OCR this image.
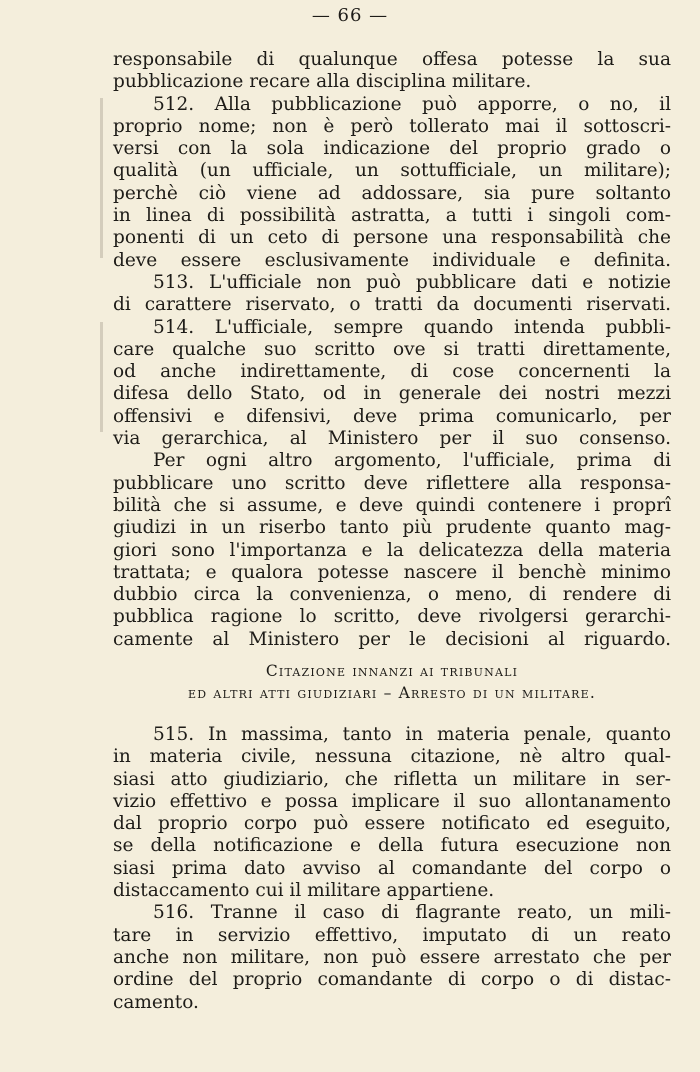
— 66 —
responsabile di qualunque offesa potesse la sua
pubblicazione recare alla disciplina militare.
512. Alla pubblicazione può apporre, o no, il
proprio nome; non è però tollerato mai il sottoscri-
versi con la sola indicazione del proprio grado o
qualità (un ufficiale, un sottufficiale, un militare);
perchè ciò viene ad addossare, sia pure soltanto
in linea di possibilità astratta, a tutti i singoli com-
ponenti di un ceto di persone una responsabilità che
deve essere esclusivamente individuale e definita.
513. L'ufficiale non può pubblicare dati e notizie
di carattere riservato, o tratti da documenti riservati.
514. L'ufficiale, sempre quando intenda pubbli-
care qualche suo scritto ove si tratti direttamente,
od anche indirettamente, di cose concernenti la
difesa dello Stato, od in generale dei nostri mezzi
offensivi e difensivi, deve prima comunicarlo, per
via gerarchica, al Ministero per il suo consenso.
Per ogni altro argomento, l'ufficiale, prima di
pubblicare uno scritto deve riflettere alla responsa-
bilità che si assume, e deve quindi contenere i proprî
giudizi in un riserbo tanto più prudente quanto mag-
giori sono l'importanza e la delicatezza della materia
trattata; e qualora potesse nascere il benchè minimo
dubbio circa la convenienza, o meno, di rendere di
pubblica ragione lo scritto, deve rivolgersi gerarchi-
camente al Ministero per le decisioni al riguardo.
Citazione innanzi ai tribunali
ed altri atti giudiziari – Arresto di un militare.
515. In massima, tanto in materia penale, quanto
in materia civile, nessuna citazione, nè altro qual-
siasi atto giudiziario, che rifletta un militare in ser-
vizio effettivo e possa implicare il suo allontanamento
dal proprio corpo può essere notificato ed eseguito,
se della notificazione e della futura esecuzione non
siasi prima dato avviso al comandante del corpo o
distaccamento cui il militare appartiene.
516. Tranne il caso di flagrante reato, un mili-
tare in servizio effettivo, imputato di un reato
anche non militare, non può essere arrestato che per
ordine del proprio comandante di corpo o di distac-
camento.
